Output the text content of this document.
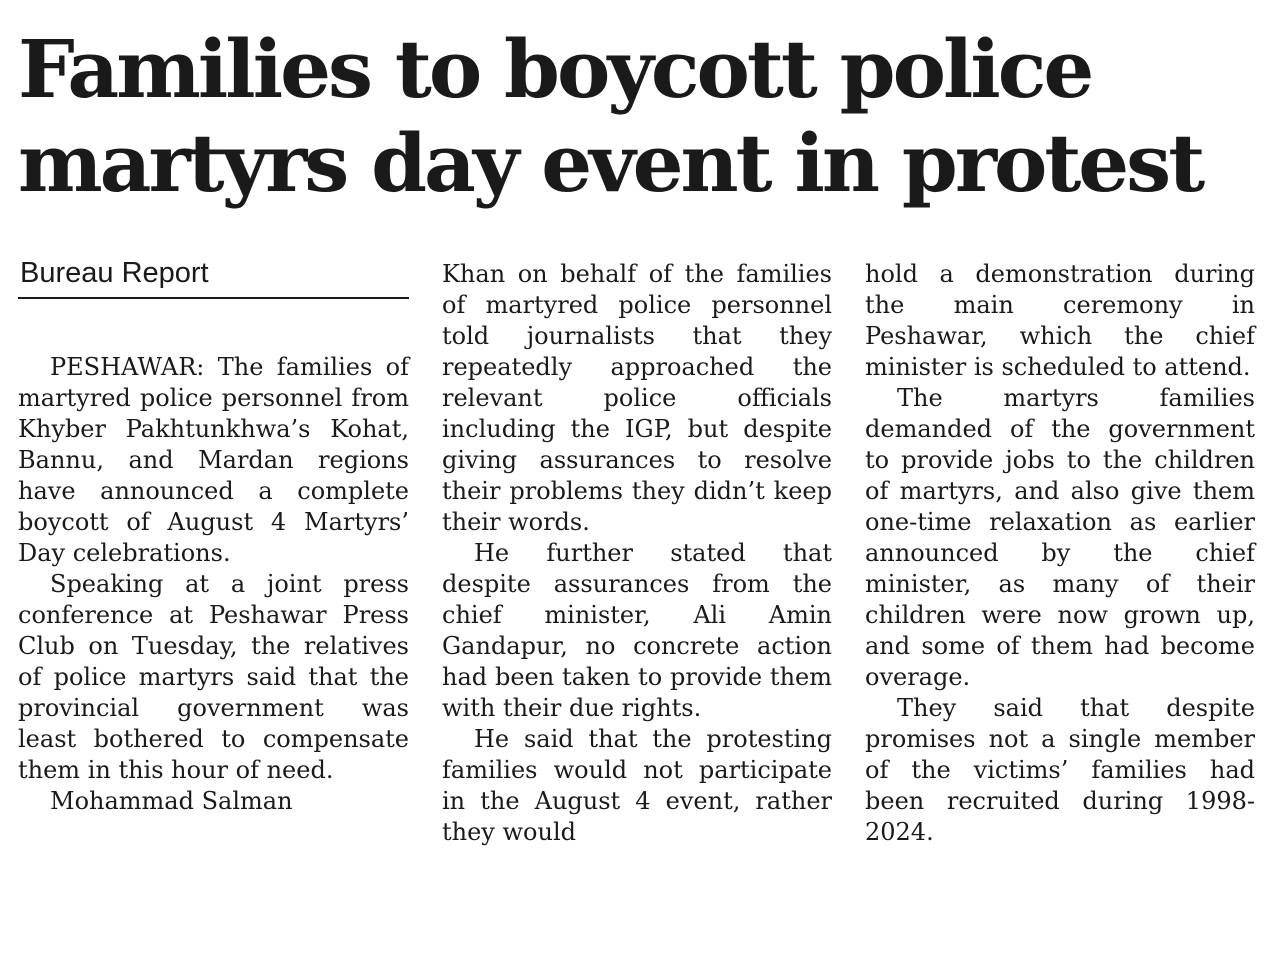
Families to boycott police
martyrs day event in protest
Bureau Report

PESHAWAR: The families of martyred police personnel from Khyber Pakhtunkhwa’s Kohat, Bannu, and Mardan regions have announced a complete boycott of August 4 Martyrs’ Day celebrations.

Speaking at a joint press conference at Peshawar Press Club on Tuesday, the relatives of police martyrs said that the provincial government was least bothered to compensate them in this hour of need.

Mohammad Salman

Khan on behalf of the families of martyred police personnel told journalists that they repeatedly approached the relevant police officials including the IGP, but despite giving assurances to resolve their problems they didn’t keep their words.

He further stated that despite assurances from the chief minister, Ali Amin Gandapur, no concrete action had been taken to provide them with their due rights.

He said that the protesting families would not participate in the August 4 event, rather they would

hold a demonstration during the main ceremony in Peshawar, which the chief minister is scheduled to attend.

The martyrs families demanded of the government to provide jobs to the children of martyrs, and also give them one-time relaxation as earlier announced by the chief minister, as many of their children were now grown up, and some of them had become overage.

They said that despite promises not a single member of the victims’ families had been recruited during 1998-2024.
